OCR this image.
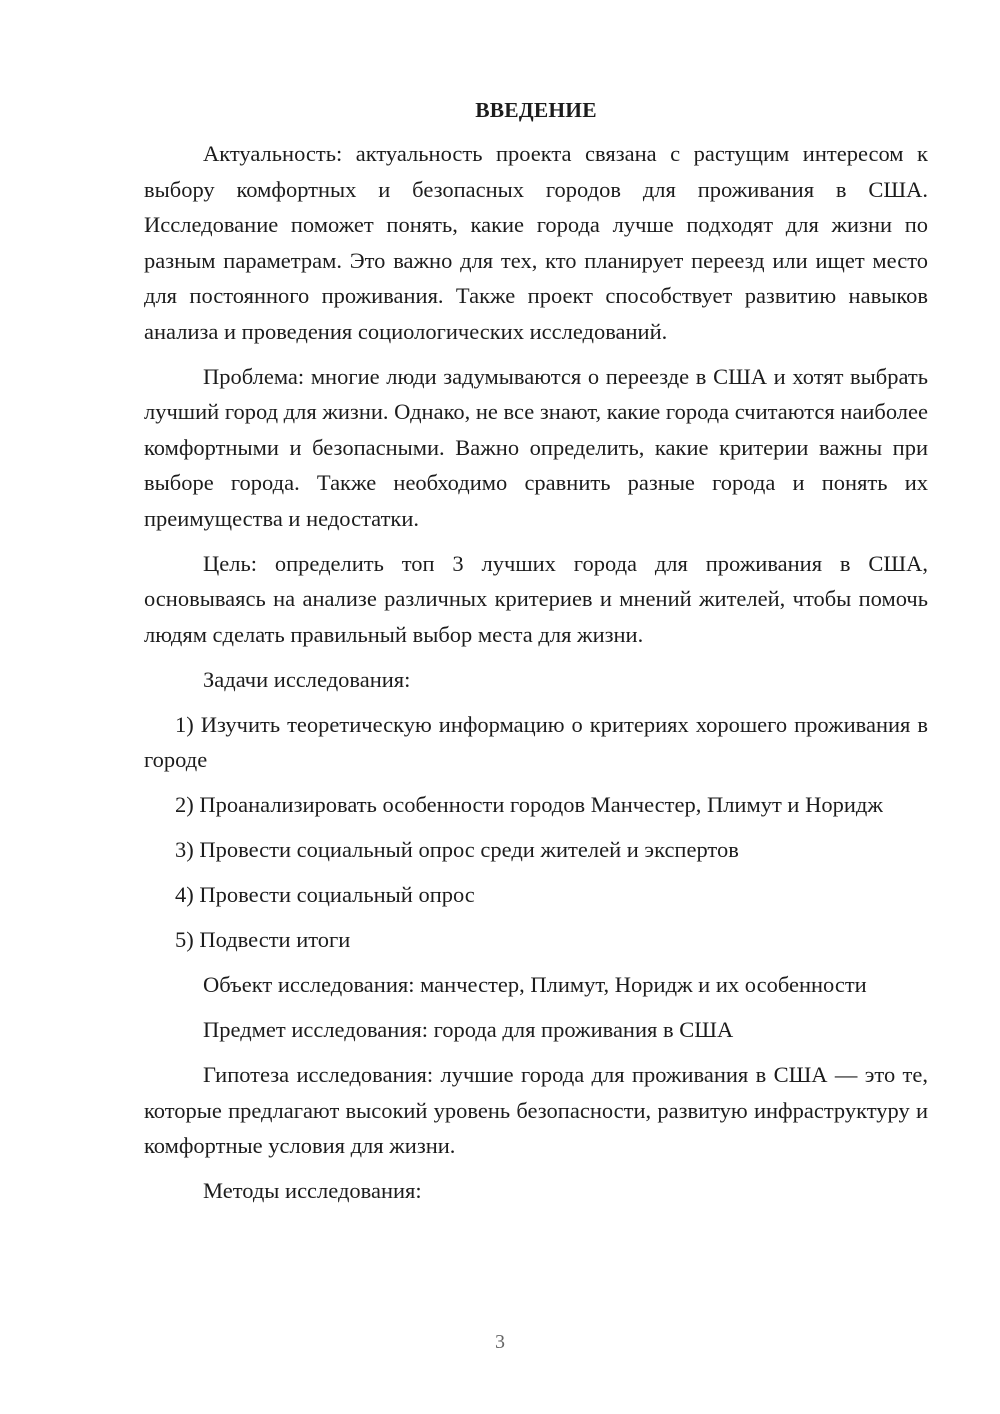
ВВЕДЕНИЕ

Актуальность: актуальность проекта связана с растущим интересом к выбору комфортных и безопасных городов для проживания в США. Исследование поможет понять, какие города лучше подходят для жизни по разным параметрам. Это важно для тех, кто планирует переезд или ищет место для постоянного проживания. Также проект способствует развитию навыков анализа и проведения социологических исследований.

Проблема: многие люди задумываются о переезде в США и хотят выбрать лучший город для жизни. Однако, не все знают, какие города считаются наиболее комфортными и безопасными. Важно определить, какие критерии важны при выборе города. Также необходимо сравнить разные города и понять их преимущества и недостатки.

Цель: определить топ 3 лучших города для проживания в США, основываясь на анализе различных критериев и мнений жителей, чтобы помочь людям сделать правильный выбор места для жизни.

Задачи исследования:

1) Изучить теоретическую информацию о критериях хорошего проживания в городе

2) Проанализировать особенности городов Манчестер, Плимут и Норидж

3) Провести социальный опрос среди жителей и экспертов

4) Провести социальный опрос

5) Подвести итоги

Объект исследования: манчестер, Плимут, Норидж и их особенности

Предмет исследования: города для проживания в США

Гипотеза исследования: лучшие города для проживания в США — это те, которые предлагают высокий уровень безопасности, развитую инфраструктуру и комфортные условия для жизни.

Методы исследования:

3
